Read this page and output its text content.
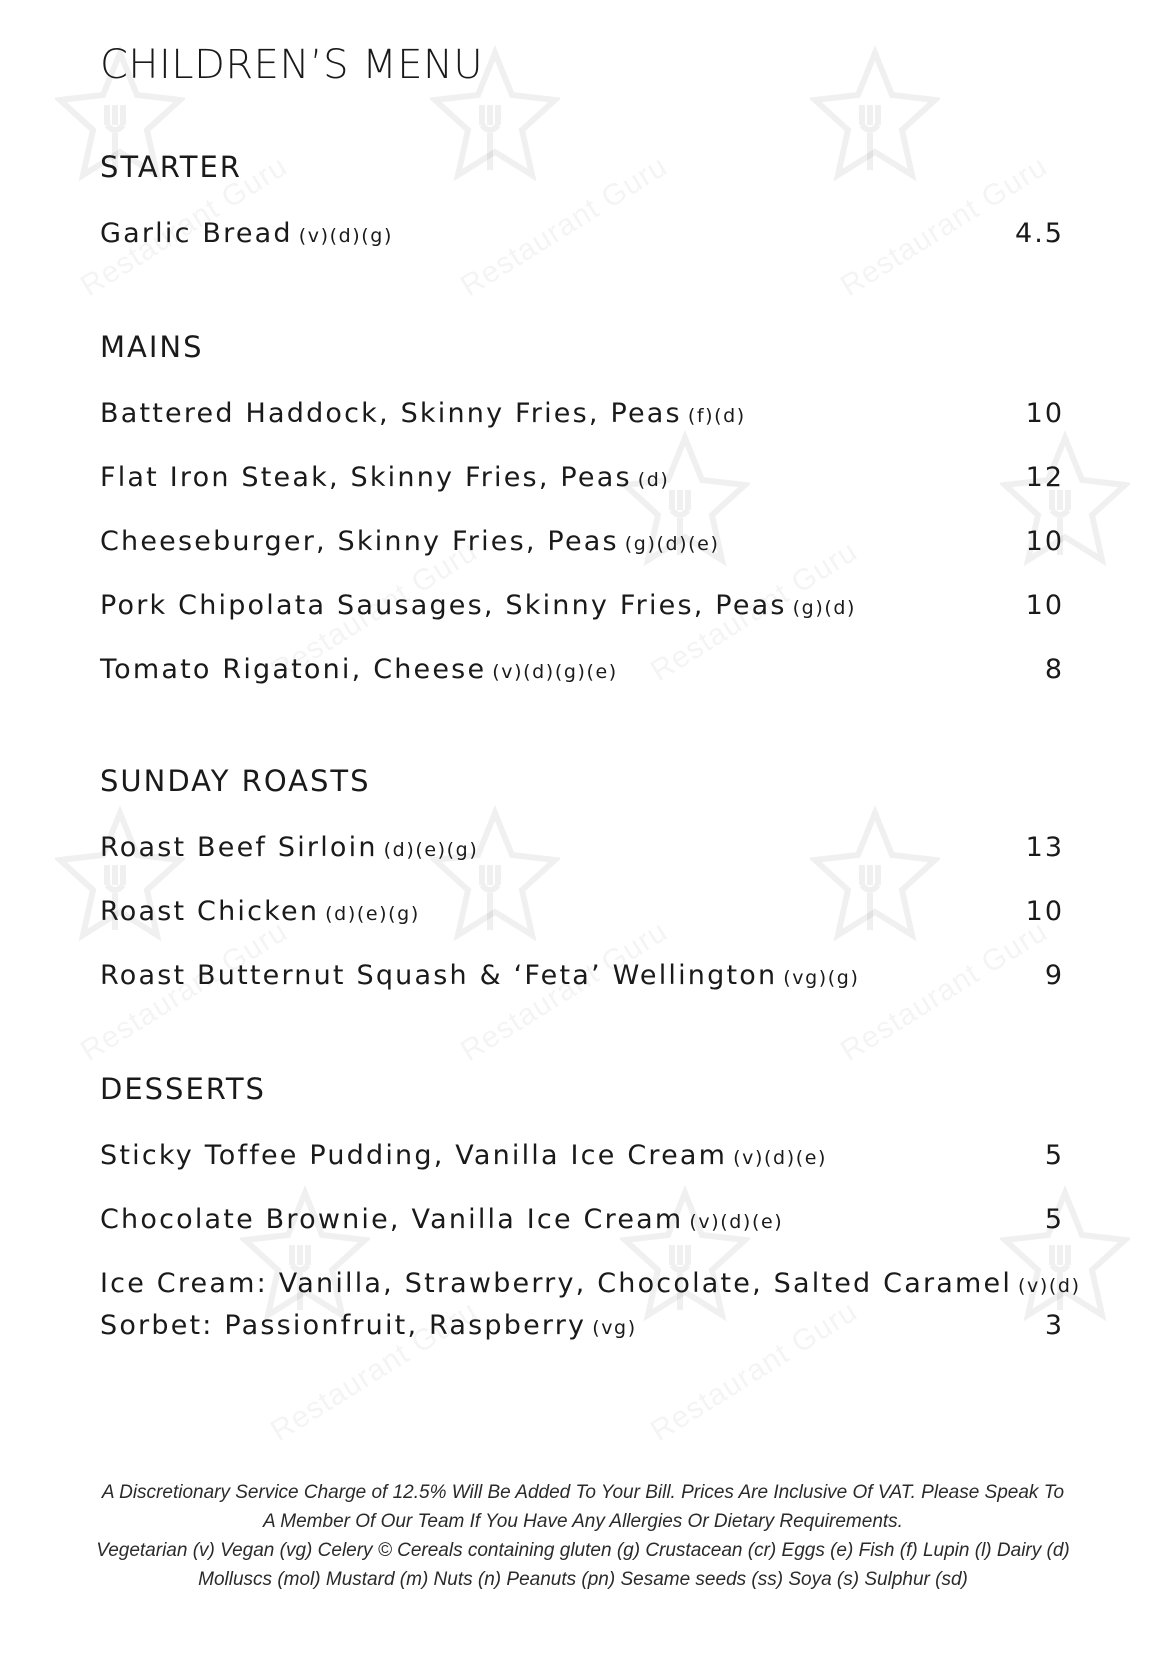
CHILDREN’S MENU
STARTER
Garlic Bread (v)(d)(g)	4.5
MAINS
Battered Haddock, Skinny Fries, Peas (f)(d)	10
Flat Iron Steak, Skinny Fries, Peas (d)	12
Cheeseburger, Skinny Fries, Peas (g)(d)(e)	10
Pork Chipolata Sausages, Skinny Fries, Peas (g)(d)	10
Tomato Rigatoni, Cheese (v)(d)(g)(e)	8
SUNDAY ROASTS
Roast Beef Sirloin (d)(e)(g)	13
Roast Chicken (d)(e)(g)	10
Roast Butternut Squash & ‘Feta’ Wellington (vg)(g)	9
DESSERTS
Sticky Toffee Pudding, Vanilla Ice Cream (v)(d)(e)	5
Chocolate Brownie, Vanilla Ice Cream (v)(d)(e)	5
Ice Cream: Vanilla, Strawberry, Chocolate, Salted Caramel (v)(d)
Sorbet: Passionfruit, Raspberry (vg)	3
A Discretionary Service Charge of 12.5% Will Be Added To Your Bill. Prices Are Inclusive Of VAT. Please Speak To
A Member Of Our Team If You Have Any Allergies Or Dietary Requirements.
Vegetarian (v) Vegan (vg) Celery © Cereals containing gluten (g) Crustacean (cr) Eggs (e) Fish (f) Lupin (l) Dairy (d)
Molluscs (mol) Mustard (m) Nuts (n) Peanuts (pn) Sesame seeds (ss) Soya (s) Sulphur (sd)
